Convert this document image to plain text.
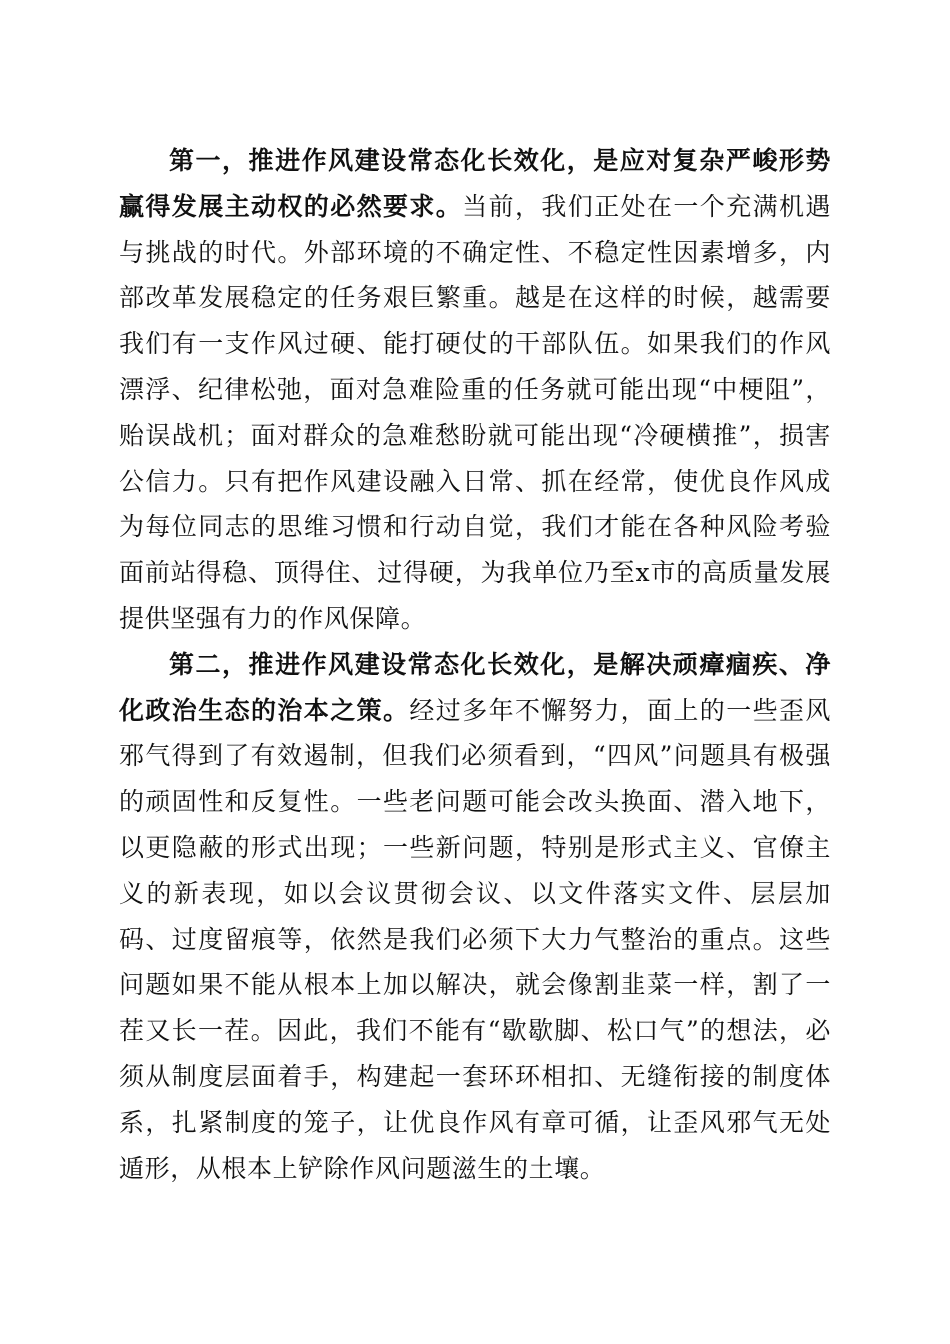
第一，推进作风建设常态化长效化，是应对复杂严峻形势赢得发展主动权的必然要求。当前，我们正处在一个充满机遇与挑战的时代。外部环境的不确定性、不稳定性因素增多，内部改革发展稳定的任务艰巨繁重。越是在这样的时候，越需要我们有一支作风过硬、能打硬仗的干部队伍。如果我们的作风漂浮、纪律松弛，面对急难险重的任务就可能出现“中梗阻”，贻误战机；面对群众的急难愁盼就可能出现“冷硬横推”，损害公信力。只有把作风建设融入日常、抓在经常，使优良作风成为每位同志的思维习惯和行动自觉，我们才能在各种风险考验面前站得稳、顶得住、过得硬，为我单位乃至x市的高质量发展提供坚强有力的作风保障。

第二，推进作风建设常态化长效化，是解决顽瘴痼疾、净化政治生态的治本之策。经过多年不懈努力，面上的一些歪风邪气得到了有效遏制，但我们必须看到，“四风”问题具有极强的顽固性和反复性。一些老问题可能会改头换面、潜入地下，以更隐蔽的形式出现；一些新问题，特别是形式主义、官僚主义的新表现，如以会议贯彻会议、以文件落实文件、层层加码、过度留痕等，依然是我们必须下大力气整治的重点。这些问题如果不能从根本上加以解决，就会像割韭菜一样，割了一茬又长一茬。因此，我们不能有“歇歇脚、松口气”的想法，必须从制度层面着手，构建起一套环环相扣、无缝衔接的制度体系，扎紧制度的笼子，让优良作风有章可循，让歪风邪气无处遁形，从根本上铲除作风问题滋生的土壤。
